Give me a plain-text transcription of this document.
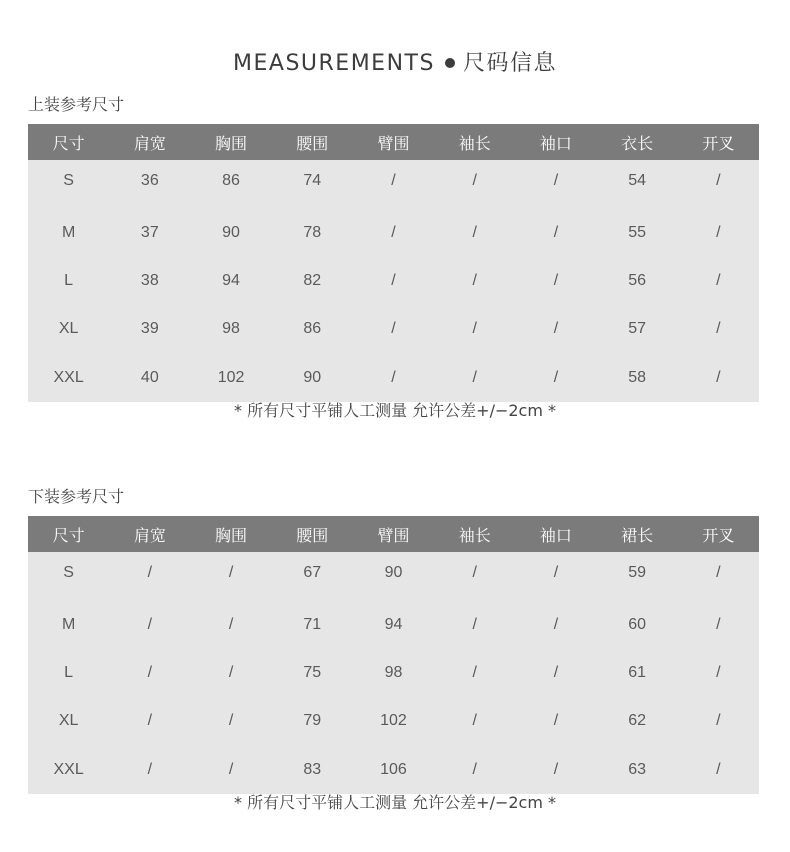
MEASUREMENTS 尺码信息
上装参考尺寸
尺寸	肩宽	胸围	腰围	臂围	袖长	袖口	衣长	开叉
S	36	86	74	/	/	/	54	/
M	37	90	78	/	/	/	55	/
L	38	94	82	/	/	/	56	/
XL	39	98	86	/	/	/	57	/
XXL	40	102	90	/	/	/	58	/
* 所有尺寸平铺人工测量 允许公差+/−2cm *
下装参考尺寸
尺寸	肩宽	胸围	腰围	臂围	袖长	袖口	裙长	开叉
S	/	/	67	90	/	/	59	/
M	/	/	71	94	/	/	60	/
L	/	/	75	98	/	/	61	/
XL	/	/	79	102	/	/	62	/
XXL	/	/	83	106	/	/	63	/
* 所有尺寸平铺人工测量 允许公差+/−2cm *
